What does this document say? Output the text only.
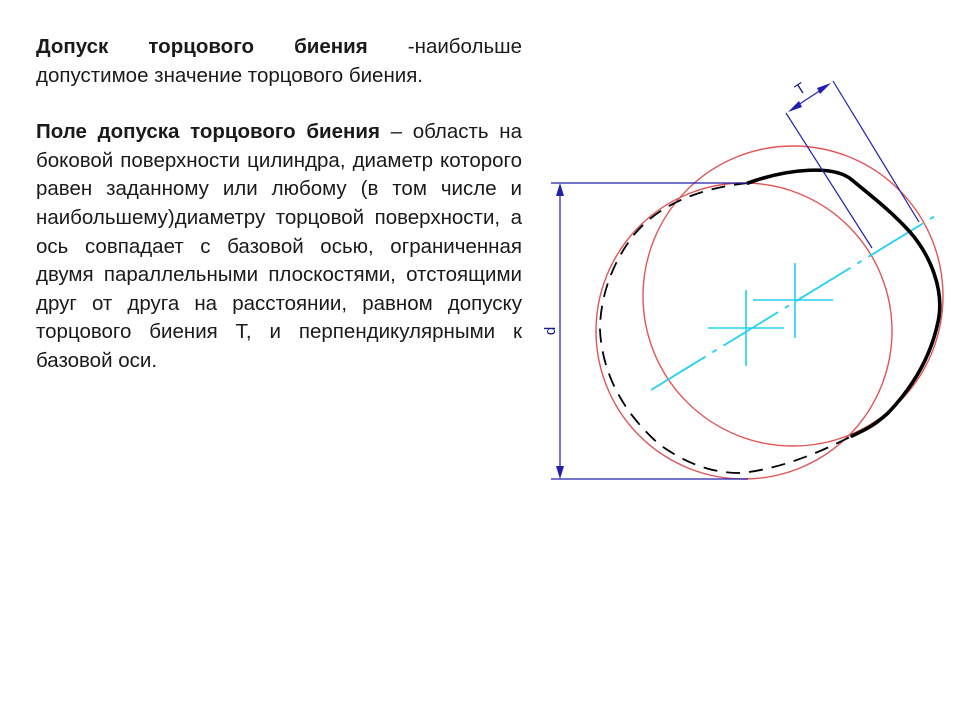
Допуск торцового биения -наибольше допустимое значение торцового биения.

Поле допуска торцового биения – область на боковой поверхности цилиндра, диаметр которого равен заданному или любому (в том числе и наибольшему)диаметру торцовой поверхности, а ось совпадает с базовой осью, ограниченная двумя параллельными плоскостями, отстоящими друг от друга на расстоянии, равном допуску торцового биения Т, и перпендикулярными к базовой оси.

d
T
